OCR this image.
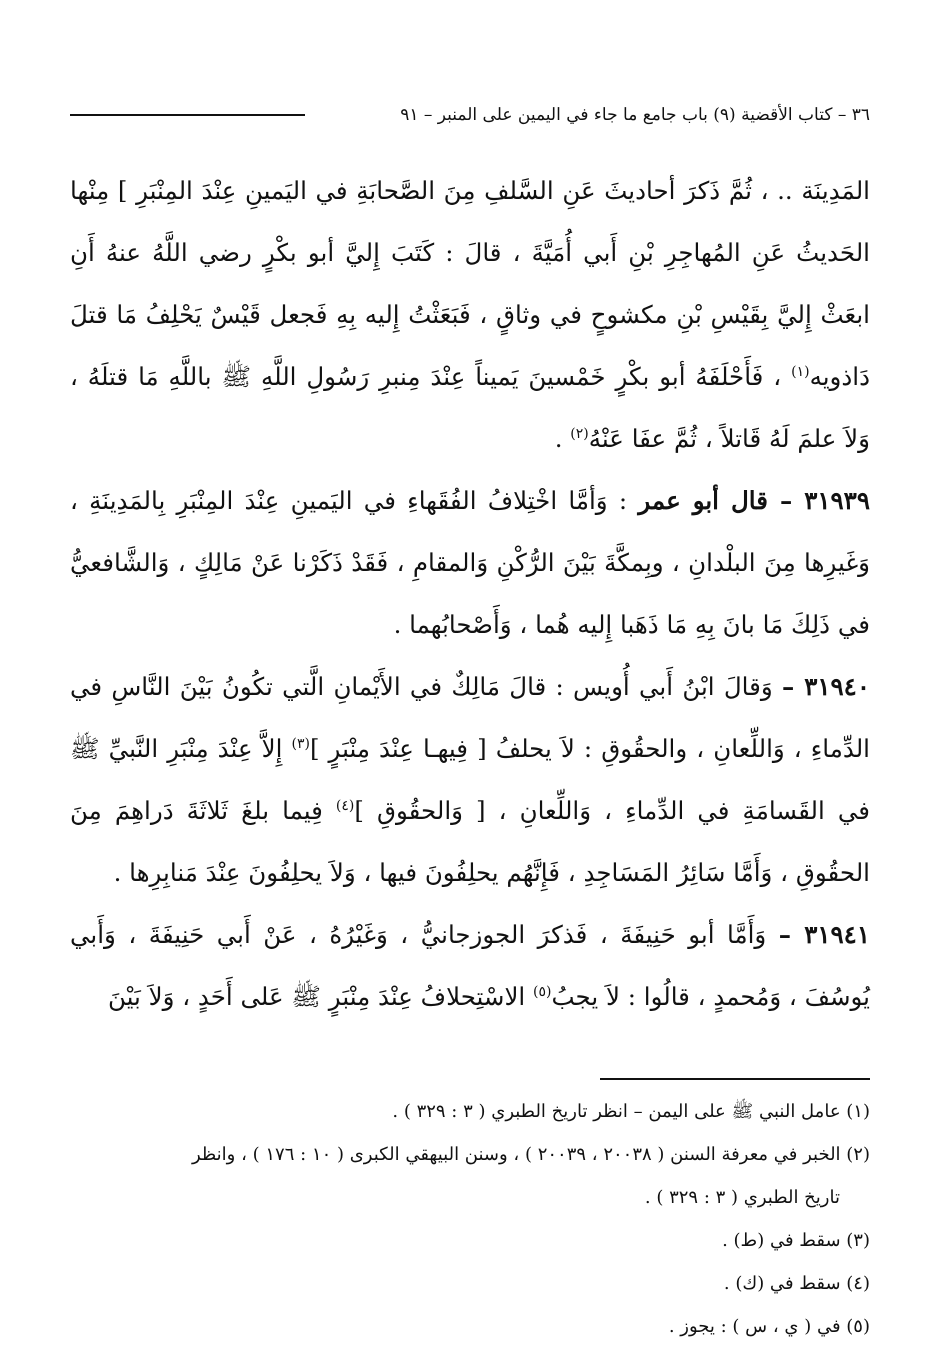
٣٦ – كتاب الأقضية (٩) باب جامع ما جاء في اليمين على المنبر – ٩١

المَدِينَة .. ، ثُمَّ ذَكرَ أحاديثَ عَنِ السَّلفِ مِنَ الصَّحابَةِ في اليَمينِ عِنْدَ المِنْبَرِ ] مِنْها الحَديثُ عَنِ المُهاجِرِ بْنِ أَبي أُمَيَّةَ ، قالَ : كَتَبَ إِليَّ أبو بكْرٍ رضي اللَّهُ عنهُ أَنِ ابعَثْ إِليَّ بِقَيْسِ بْنِ مكشوحٍ في وثاقٍ ، فَبَعَثْتُ إِليه بِهِ فَجعل قَيْسٌ يَحْلِفُ مَا قتلَ دَاذويه$^{(١)}$ ، فَأَحْلَفَهُ أبو بكْرٍ خَمْسينَ يَميناً عِنْدَ مِنبرِ رَسُولِ اللَّهِ ﷺ باللَّهِ مَا قتلَهُ ، وَلاَ علمَ لَهُ قَاتلاً ، ثُمَّ عفَا عَنْهُ$^{(٢)}$ .

٣١٩٣٩ – قال أبو عمر : وَأمَّا اخْتِلافُ الفُقَهاءِ في اليَمينِ عِنْدَ المِنْبَرِ بِالمَدِينَةِ ، وَغَيرِها مِنَ البلْدانِ ، وبِمكَّةَ بَيْنَ الرُّكْنِ وَالمقامِ ، فَقَدْ ذَكَرْنا عَنْ مَالِكٍ ، وَالشَّافعيُّ في ذَلِكَ مَا بانَ بِهِ مَا ذَهَبا إِليه هُما ، وَأَصْحابُهما .

٣١٩٤٠ – وَقالَ ابْنُ أَبي أُويس : قالَ مَالِكٌ في الأَيْمانِ الَّتي تكُونُ بَيْنَ النَّاسِ في الدِّماءِ ، وَاللِّعانِ ، والحقُوقِ : لاَ يحلفُ [ فِيهـا عِنْدَ مِنْبَرٍ ]$^{(٣)}$ إِلاَّ عِنْدَ مِنْبَرِ النَّبيِّ ﷺ في القَسامَةِ في الدِّماءِ ، وَاللِّعانِ ، [ وَالحقُوقِ ]$^{(٤)}$ فِيما بلغَ ثَلاثَةَ دَراهِمَ مِنَ الحقُوقِ ، وَأَمَّا سَائِرُ المَسَاجِدِ ، فَإِنَّهُم يحلِفُونَ فيها ، وَلاَ يحلِفُونَ عِنْدَ مَنابِرِها .

٣١٩٤١ – وَأَمَّا أبو حَنِيفَةَ ، فَذكرَ الجوزجانيُّ ، وَغَيْرُهُ ، عَنْ أَبي حَنِيفَةَ ، وَأَبي يُوسُفَ ، وَمُحمدٍ ، قالُوا : لاَ يجبُ$^{(٥)}$ الاسْتِحلافُ عِنْدَ مِنْبَرٍ ﷺ عَلى أَحَدٍ ، وَلاَ بَيْنَ

(١) عامل النبي ﷺ على اليمن – انظر تاريخ الطبري ( ٣ : ٣٢٩ ) .

(٢) الخبر في معرفة السنن ( ٢٠٠٣٨ ، ٢٠٠٣٩ ) ، وسنن البيهقي الكبرى ( ١٠ : ١٧٦ ) ، وانظر

تاريخ الطبري ( ٣ : ٣٢٩ ) .

(٣) سقط في (ط) .

(٤) سقط في (ك) .

(٥) في ( ي ، س ) : يجوز .
